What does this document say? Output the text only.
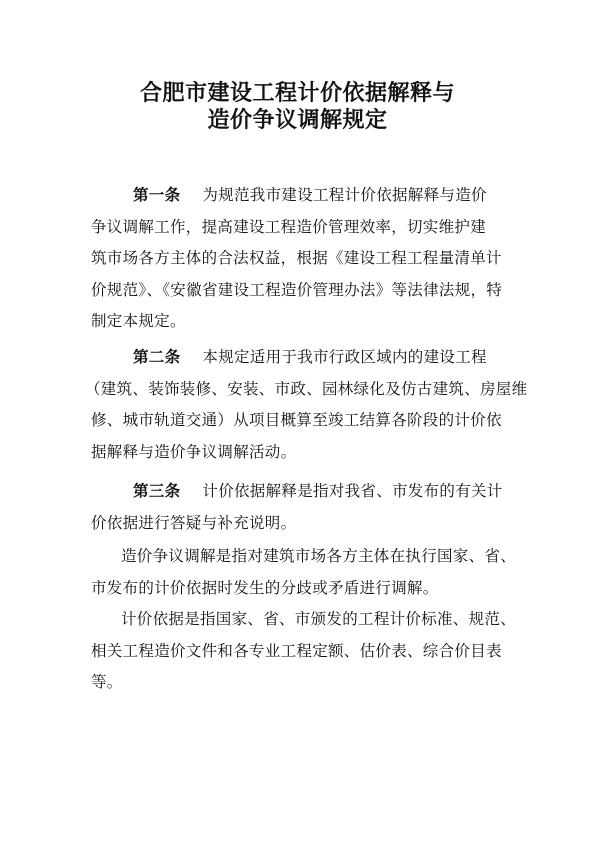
合肥市建设工程计价依据解释与
造价争议调解规定
第一条 为规范我市建设工程计价依据解释与造价
争议调解工作，提高建设工程造价管理效率，切实维护建
筑市场各方主体的合法权益，根据《建设工程工程量清单计
价规范》、《安徽省建设工程造价管理办法》等法律法规，特
制定本规定。
第二条 本规定适用于我市行政区域内的建设工程
（建筑、装饰装修、安装、市政、园林绿化及仿古建筑、房屋维
修、城市轨道交通）从项目概算至竣工结算各阶段的计价依
据解释与造价争议调解活动。
第三条 计价依据解释是指对我省、市发布的有关计
价依据进行答疑与补充说明。
造价争议调解是指对建筑市场各方主体在执行国家、省、
市发布的计价依据时发生的分歧或矛盾进行调解。
计价依据是指国家、省、市颁发的工程计价标准、规范、
相关工程造价文件和各专业工程定额、估价表、综合价目表
等。
